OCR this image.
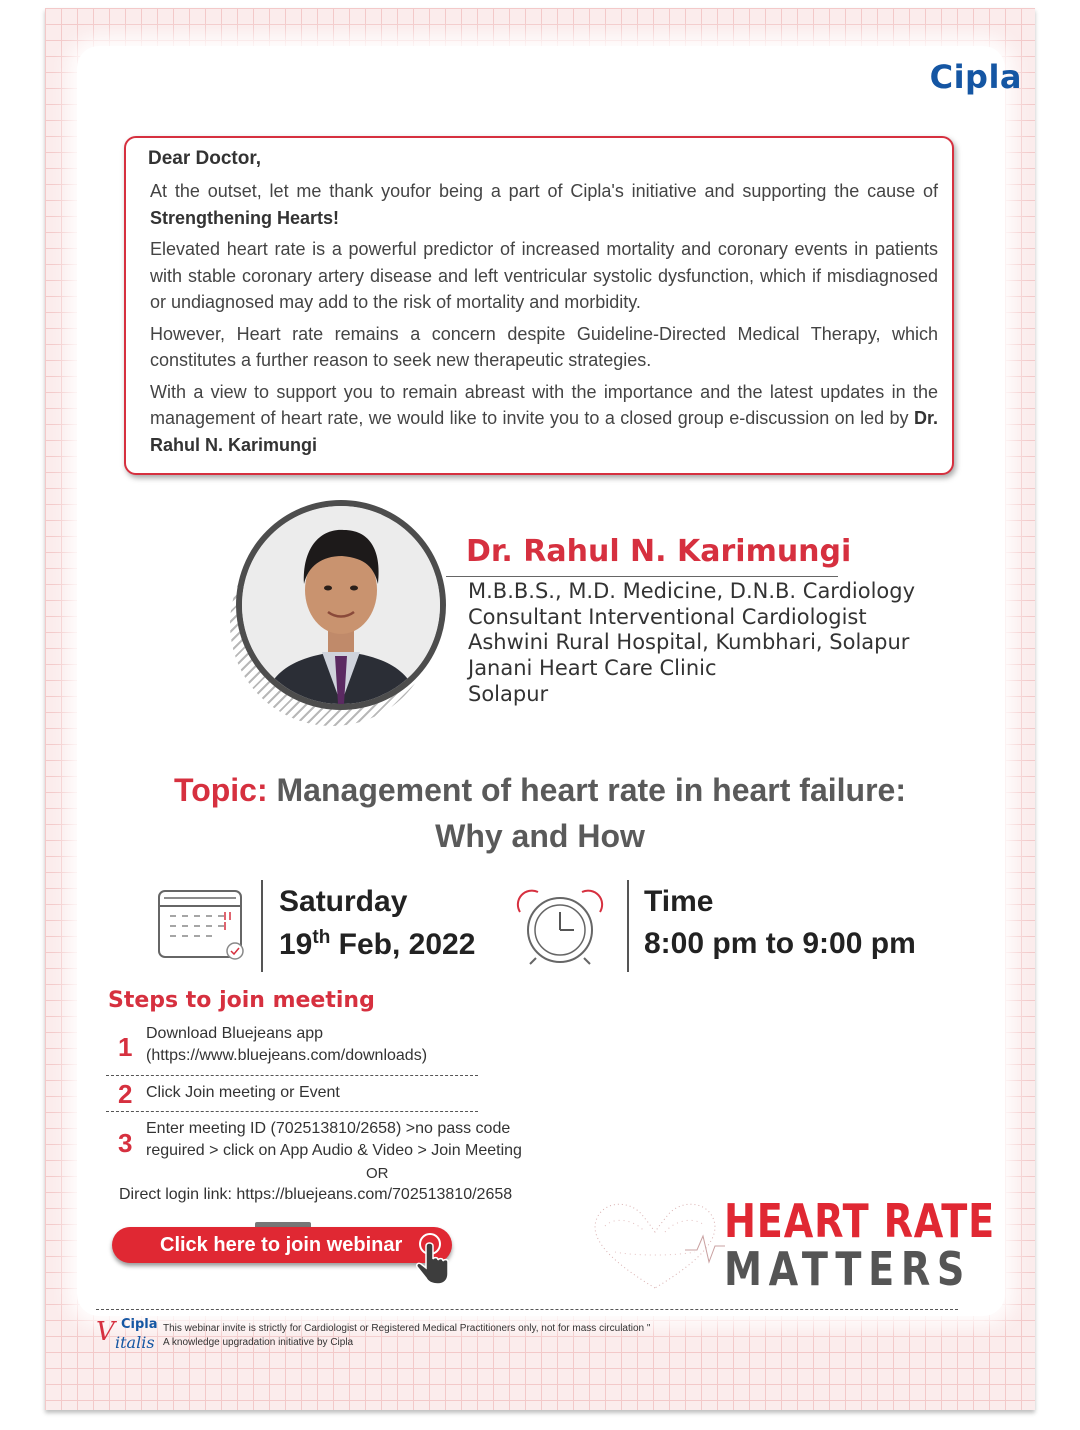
Cipla
Dear Doctor,

At the outset, let me thank youfor being a part of Cipla's initiative and supporting the cause of Strengthening Hearts!

Elevated heart rate is a powerful predictor of increased mortality and coronary events in patients with stable coronary artery disease and left ventricular systolic dysfunction, which if misdiagnosed or undiagnosed may add to the risk of mortality and morbidity.

However, Heart rate remains a concern despite Guideline-Directed Medical Therapy, which constitutes a further reason to seek new therapeutic strategies.

With a view to support you to remain abreast with the importance and the latest updates in the management of heart rate, we would like to invite you to a closed group e-discussion on led by Dr. Rahul N. Karimungi

Dr. Rahul N. Karimungi
M.B.B.S., M.D. Medicine, D.N.B. Cardiology
Consultant Interventional Cardiologist
Ashwini Rural Hospital, Kumbhari, Solapur
Janani Heart Care Clinic
Solapur
Topic: Management of heart rate in heart failure:
Why and How
Saturday
19th Feb, 2022
Time
8:00 pm to 9:00 pm
Steps to join meeting
1 Download Bluejeans app
(https://www.bluejeans.com/downloads)
2 Click Join meeting or Event
3 Enter meeting ID (702513810/2658) >no pass code
reguired > click on App Audio & Video > Join Meeting
OR
Direct login link: https://bluejeans.com/702513810/2658
Click here to join webinar	HEART RATE
MATTERS
V Cipla
italis
This webinar invite is strictly for Cardiologist or Registered Medical Practitioners only, not for mass circulation "
A knowledge upgradation initiative by Cipla
